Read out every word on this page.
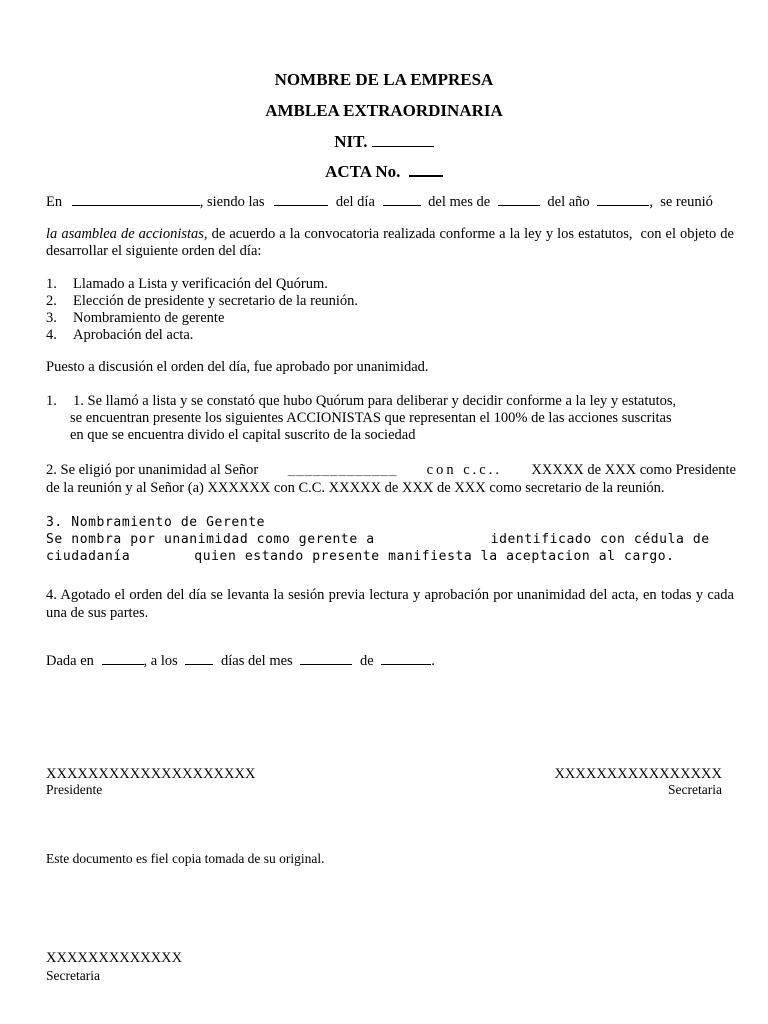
NOMBRE DE LA EMPRESA
AMBLEA EXTRAORDINARIA
NIT.
ACTA No.
En	, siendo las	del día	del mes de	del año	,  se reunió
la asamblea de accionistas, de acuerdo a la convocatoria realizada conforme a la ley y los estatutos,  con el objeto de desarrollar el siguiente orden del día:
1. Llamado a Lista y verificación del Quórum.
2. Elección de presidente y secretario de la reunión.
3. Nombramiento de gerente
4. Aprobación del acta.
Puesto a discusión el orden del día, fue aprobado por unanimidad.
1. 1. Se llamó a lista y se constató que hubo Quórum para deliberar y decidir conforme a la ley y estatutos,
se encuentran presente los siguientes ACCIONISTAS que representan el 100% de las acciones suscritas
en que se encuentra divido el capital suscrito de la sociedad
2. Se eligió por unanimidad al Señor _____________ con c.c.. XXXXX de XXX como Presidente
de la reunión y al Señor (a) XXXXXX con C.C. XXXXX de XXX de XXX como secretario de la reunión.
3. Nombramiento de Gerente
Se nombra por unanimidad como gerente a	identificado con cédula de
ciudadanía	quien estando presente manifiesta la aceptacion al cargo.
4. Agotado el orden del día se levanta la sesión previa lectura y aprobación por unanimidad del acta, en todas y cada una de sus partes.
Dada en	, a los	días del mes	de	.
XXXXXXXXXXXXXXXXXXXX
Presidente
XXXXXXXXXXXXXXXX
Secretaria
Este documento es fiel copia tomada de su original.
XXXXXXXXXXXXX
Secretaria
